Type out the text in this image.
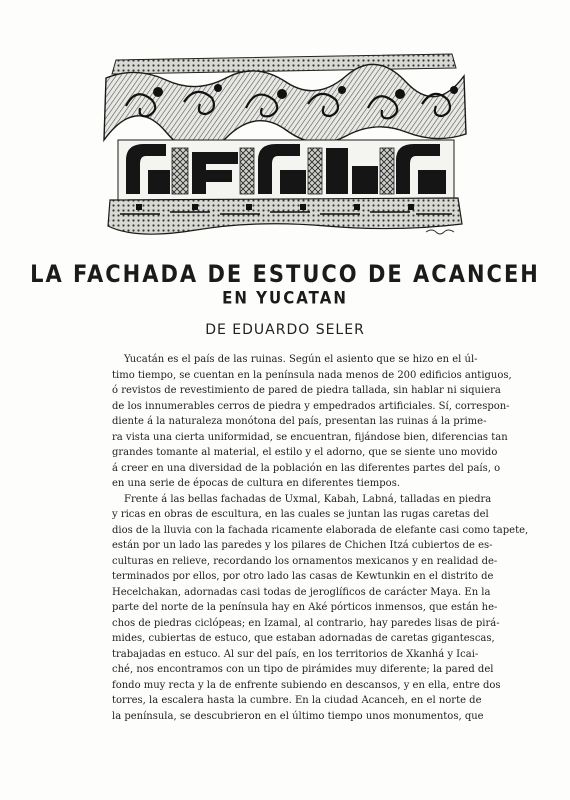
LA FACHADA DE ESTUCO DE ACANCEH
EN YUCATAN
DE EDUARDO SELER
Yucatán es el país de las ruinas. Según el asiento que se hizo en el úl-
timo tiempo, se cuentan en la península nada menos de 200 edificios antiguos,
ó revistos de revestimiento de pared de piedra tallada, sin hablar ni siquiera
de los innumerables cerros de piedra y empedrados artificiales. Sí, correspon-
diente á la naturaleza monótona del país, presentan las ruinas á la prime-
ra vista una cierta uniformidad, se encuentran, fijándose bien, diferencias tan
grandes tomante al material, el estilo y el adorno, que se siente uno movido
á creer en una diversidad de la población en las diferentes partes del país, o
en una serie de épocas de cultura en diferentes tiempos.
Frente á las bellas fachadas de Uxmal, Kabah, Labná, talladas en piedra
y ricas en obras de escultura, en las cuales se juntan las rugas caretas del
dios de la lluvia con la fachada ricamente elaborada de elefante casi como tapete,
están por un lado las paredes y los pilares de Chichen Itzá cubiertos de es-
culturas en relieve, recordando los ornamentos mexicanos y en realidad de-
terminados por ellos, por otro lado las casas de Kewtunkin en el distrito de
Hecelchakan, adornadas casi todas de jeroglíficos de carácter Maya. En la
parte del norte de la península hay en Aké pórticos inmensos, que están he-
chos de piedras ciclópeas; en Izamal, al contrario, hay paredes lisas de pirá-
mides, cubiertas de estuco, que estaban adornadas de caretas gigantescas,
trabajadas en estuco. Al sur del país, en los territorios de Xkanhá y Icai-
ché, nos encontramos con un tipo de pirámides muy diferente; la pared del
fondo muy recta y la de enfrente subiendo en descansos, y en ella, entre dos
torres, la escalera hasta la cumbre. En la ciudad Acanceh, en el norte de
la península, se descubrieron en el último tiempo unos monumentos, que
